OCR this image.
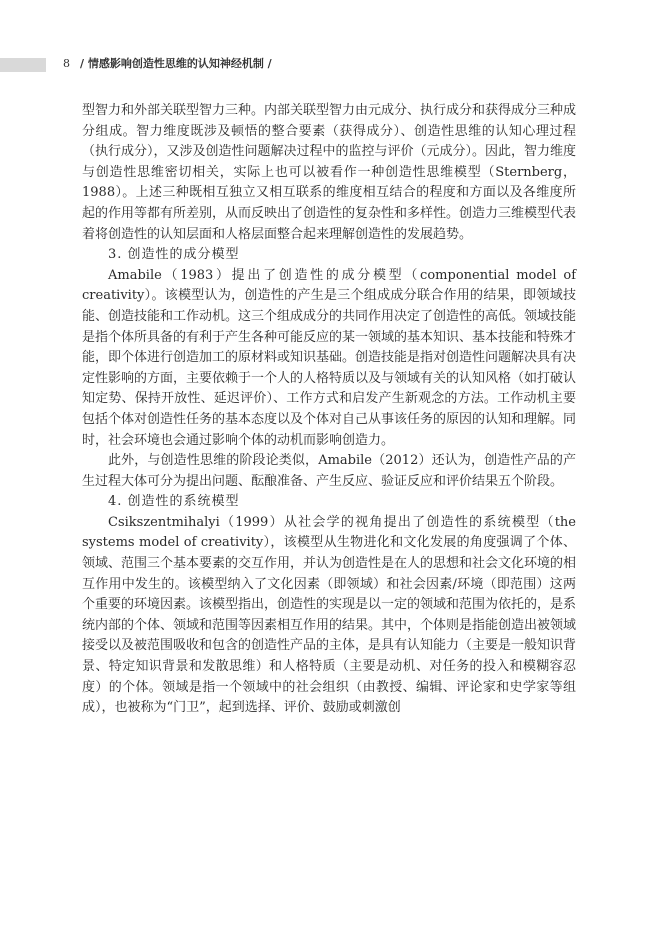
8 / 情感影响创造性思维的认知神经机制 /

型智力和外部关联型智力三种。内部关联型智力由元成分、执行成分和获得成分三种成分组成。智力维度既涉及顿悟的整合要素（获得成分）、创造性思维的认知心理过程（执行成分），又涉及创造性问题解决过程中的监控与评价（元成分）。因此，智力维度与创造性思维密切相关，实际上也可以被看作一种创造性思维模型（Sternberg，1988）。上述三种既相互独立又相互联系的维度相互结合的程度和方面以及各维度所起的作用等都有所差别，从而反映出了创造性的复杂性和多样性。创造力三维模型代表着将创造性的认知层面和人格层面整合起来理解创造性的发展趋势。

3. 创造性的成分模型

Amabile（1983）提出了创造性的成分模型（componential model of creativity）。该模型认为，创造性的产生是三个组成成分联合作用的结果，即领域技能、创造技能和工作动机。这三个组成成分的共同作用决定了创造性的高低。领域技能是指个体所具备的有利于产生各种可能反应的某一领域的基本知识、基本技能和特殊才能，即个体进行创造加工的原材料或知识基础。创造技能是指对创造性问题解决具有决定性影响的方面，主要依赖于一个人的人格特质以及与领域有关的认知风格（如打破认知定势、保持开放性、延迟评价）、工作方式和启发产生新观念的方法。工作动机主要包括个体对创造性任务的基本态度以及个体对自己从事该任务的原因的认知和理解。同时，社会环境也会通过影响个体的动机而影响创造力。

此外，与创造性思维的阶段论类似，Amabile（2012）还认为，创造性产品的产生过程大体可分为提出问题、酝酿准备、产生反应、验证反应和评价结果五个阶段。

4. 创造性的系统模型

Csikszentmihalyi（1999）从社会学的视角提出了创造性的系统模型（the systems model of creativity），该模型从生物进化和文化发展的角度强调了个体、领域、范围三个基本要素的交互作用，并认为创造性是在人的思想和社会文化环境的相互作用中发生的。该模型纳入了文化因素（即领域）和社会因素/环境（即范围）这两个重要的环境因素。该模型指出，创造性的实现是以一定的领域和范围为依托的，是系统内部的个体、领域和范围等因素相互作用的结果。其中，个体则是指能创造出被领域接受以及被范围吸收和包含的创造性产品的主体，是具有认知能力（主要是一般知识背景、特定知识背景和发散思维）和人格特质（主要是动机、对任务的投入和模糊容忍度）的个体。领域是指一个领域中的社会组织（由教授、编辑、评论家和史学家等组成），也被称为“门卫”，起到选择、评价、鼓励或刺激创
